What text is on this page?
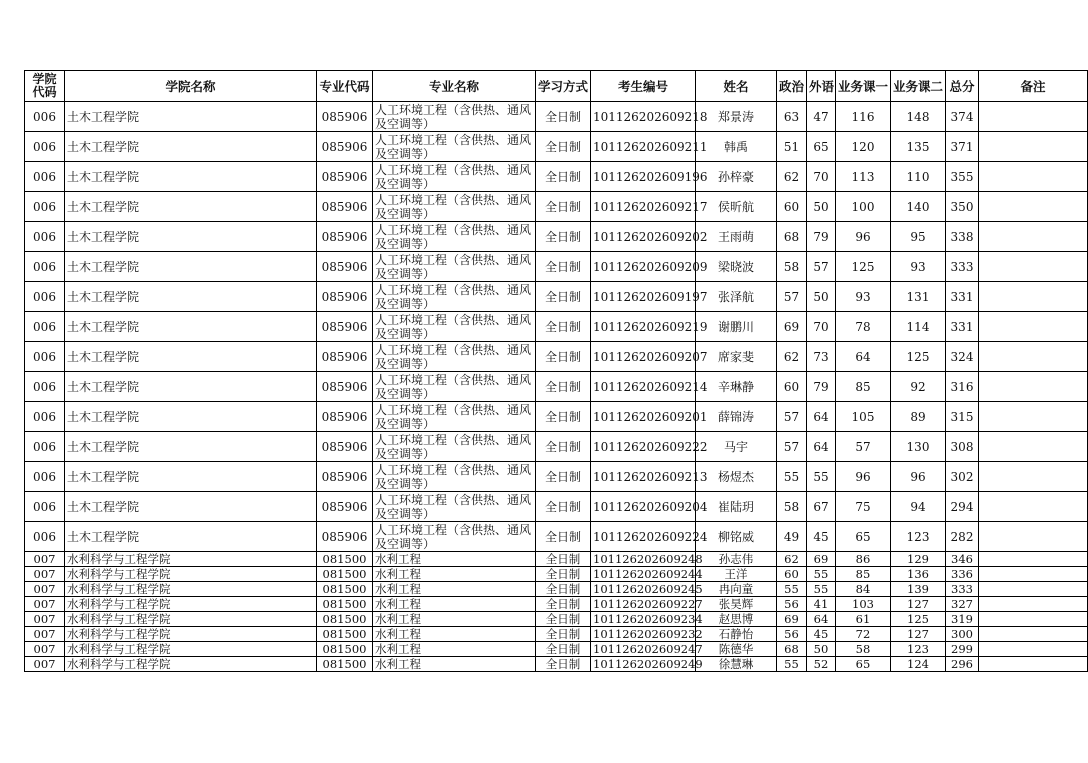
学院代码	学院名称	专业代码	专业名称	学习方式	考生编号	姓名	政治	外语	业务课一	业务课二	总分	备注
006	土木工程学院	085906	人工环境工程（含供热、通风及空调等）	全日制	101126202609218	郑景涛	63	47	116	148	374	
006	土木工程学院	085906	人工环境工程（含供热、通风及空调等）	全日制	101126202609211	韩禹	51	65	120	135	371	
006	土木工程学院	085906	人工环境工程（含供热、通风及空调等）	全日制	101126202609196	孙梓豪	62	70	113	110	355	
006	土木工程学院	085906	人工环境工程（含供热、通风及空调等）	全日制	101126202609217	侯昕航	60	50	100	140	350	
006	土木工程学院	085906	人工环境工程（含供热、通风及空调等）	全日制	101126202609202	王雨萌	68	79	96	95	338	
006	土木工程学院	085906	人工环境工程（含供热、通风及空调等）	全日制	101126202609209	梁晓波	58	57	125	93	333	
006	土木工程学院	085906	人工环境工程（含供热、通风及空调等）	全日制	101126202609197	张泽航	57	50	93	131	331	
006	土木工程学院	085906	人工环境工程（含供热、通风及空调等）	全日制	101126202609219	谢鹏川	69	70	78	114	331	
006	土木工程学院	085906	人工环境工程（含供热、通风及空调等）	全日制	101126202609207	席家斐	62	73	64	125	324	
006	土木工程学院	085906	人工环境工程（含供热、通风及空调等）	全日制	101126202609214	辛琳静	60	79	85	92	316	
006	土木工程学院	085906	人工环境工程（含供热、通风及空调等）	全日制	101126202609201	薛锦涛	57	64	105	89	315	
006	土木工程学院	085906	人工环境工程（含供热、通风及空调等）	全日制	101126202609222	马宇	57	64	57	130	308	
006	土木工程学院	085906	人工环境工程（含供热、通风及空调等）	全日制	101126202609213	杨煜杰	55	55	96	96	302	
006	土木工程学院	085906	人工环境工程（含供热、通风及空调等）	全日制	101126202609204	崔陆玥	58	67	75	94	294	
006	土木工程学院	085906	人工环境工程（含供热、通风及空调等）	全日制	101126202609224	柳铭威	49	45	65	123	282	
007	水利科学与工程学院	081500	水利工程	全日制	101126202609248	孙志伟	62	69	86	129	346	
007	水利科学与工程学院	081500	水利工程	全日制	101126202609244	王洋	60	55	85	136	336	
007	水利科学与工程学院	081500	水利工程	全日制	101126202609245	冉向童	55	55	84	139	333	
007	水利科学与工程学院	081500	水利工程	全日制	101126202609227	张昊辉	56	41	103	127	327	
007	水利科学与工程学院	081500	水利工程	全日制	101126202609234	赵思博	69	64	61	125	319	
007	水利科学与工程学院	081500	水利工程	全日制	101126202609232	石静怡	56	45	72	127	300	
007	水利科学与工程学院	081500	水利工程	全日制	101126202609247	陈德华	68	50	58	123	299	
007	水利科学与工程学院	081500	水利工程	全日制	101126202609249	徐慧琳	55	52	65	124	296	
